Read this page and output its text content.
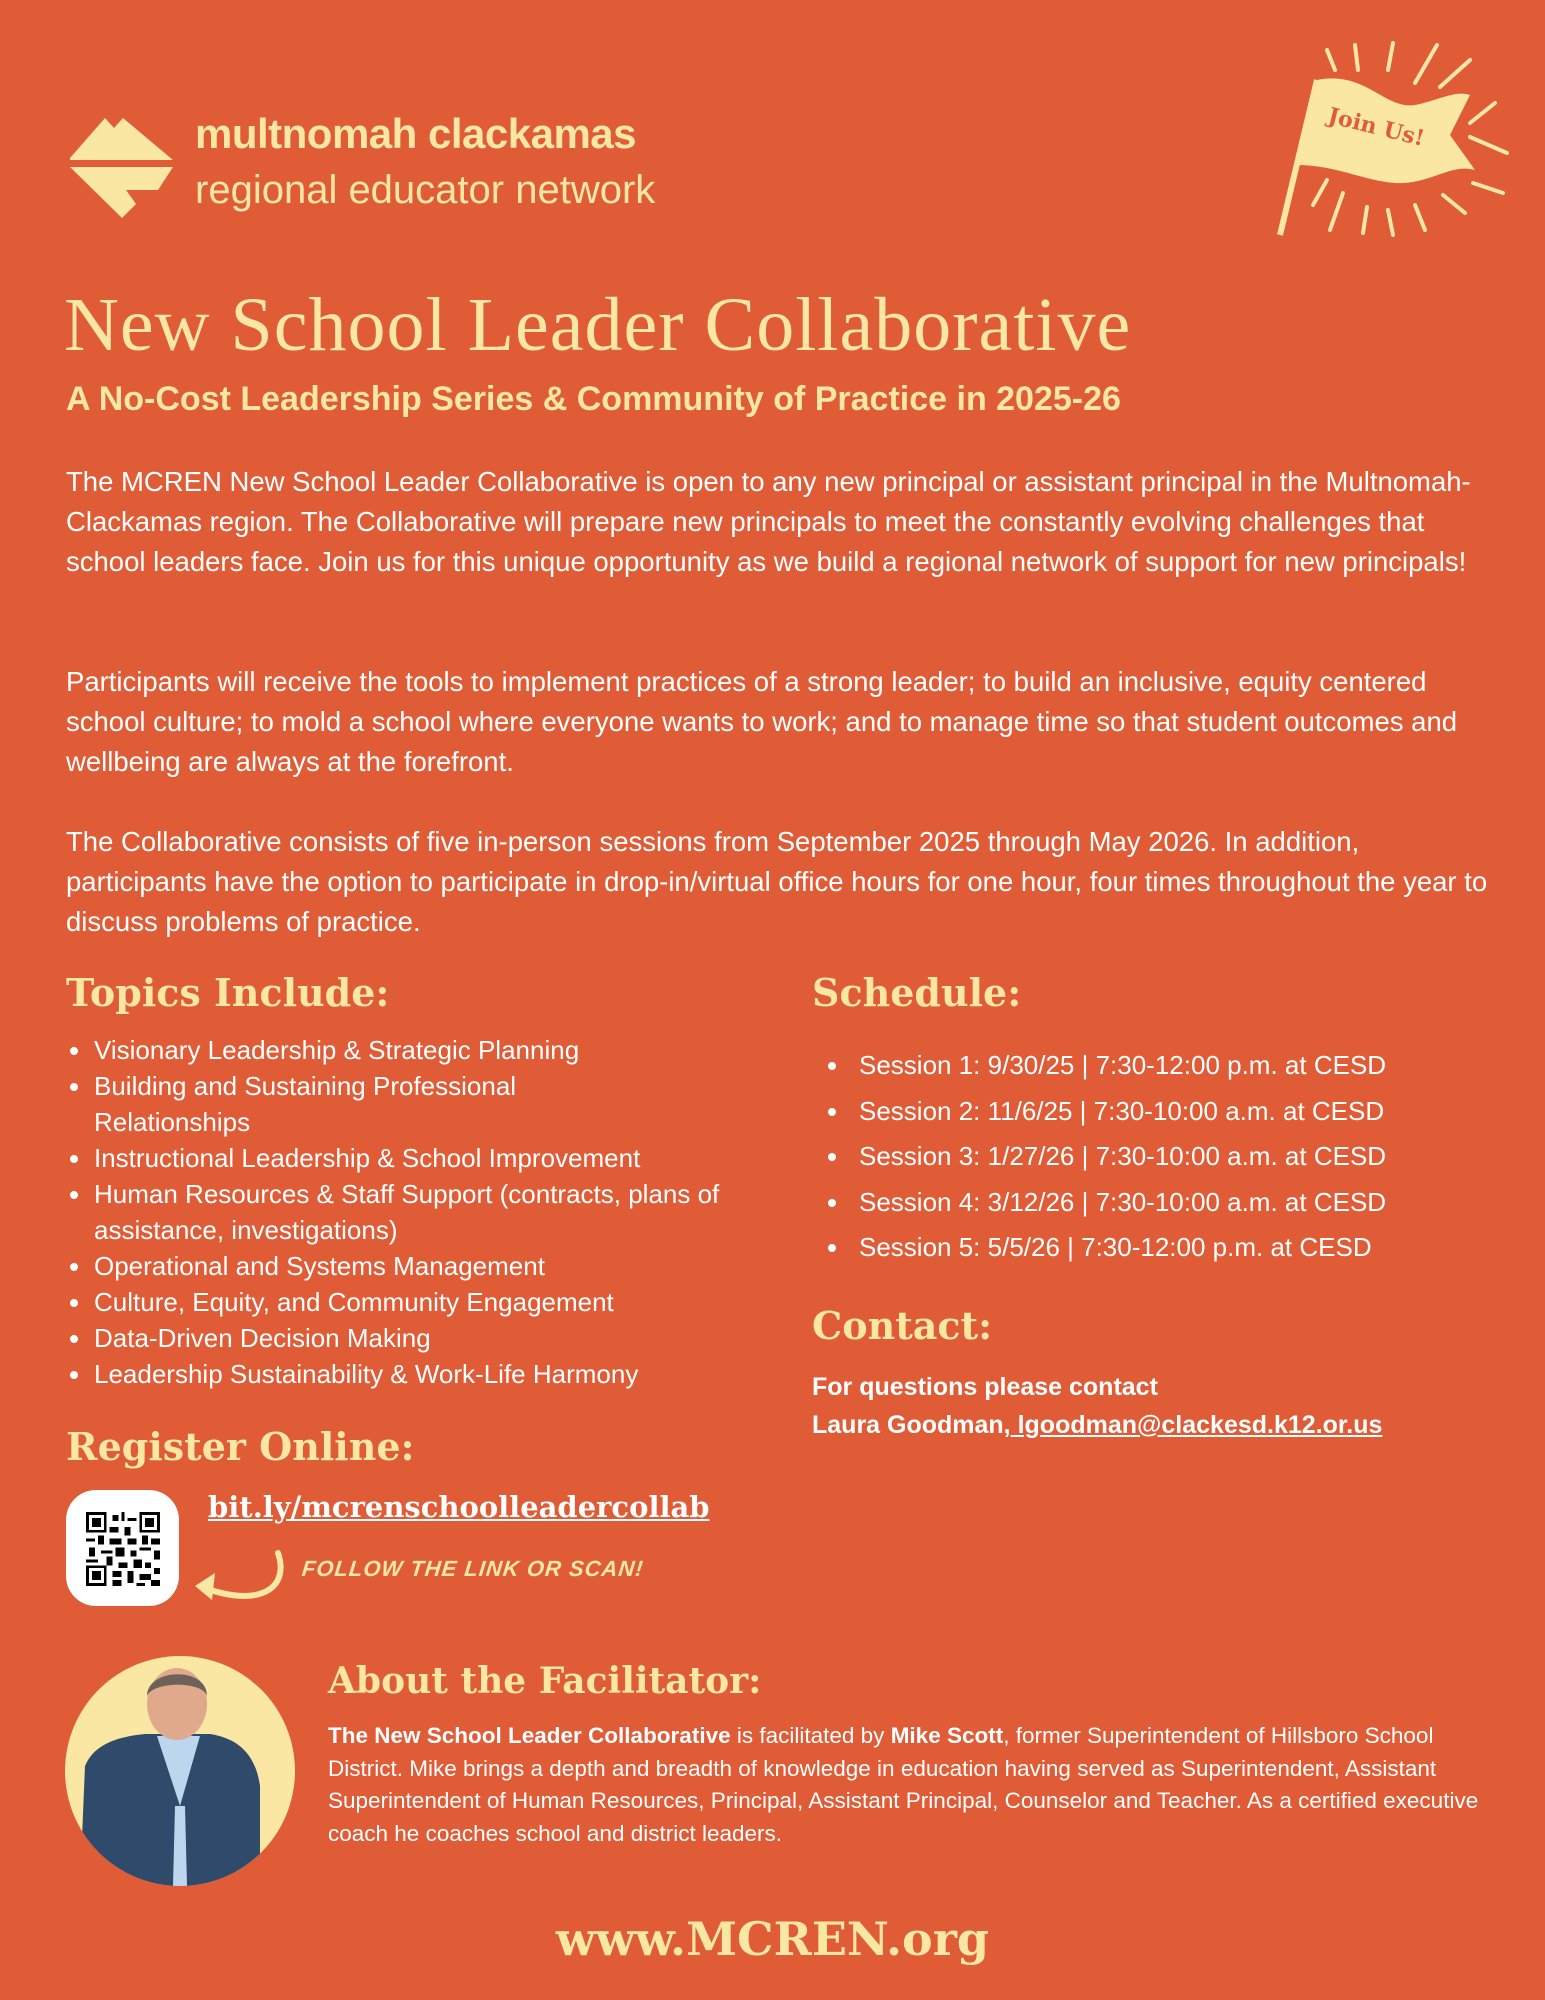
multnomah clackamas
regional educator network
Join Us!
New School Leader Collaborative
A No-Cost Leadership Series & Community of Practice in 2025-26
The MCREN New School Leader Collaborative is open to any new principal or assistant principal in the Multnomah-Clackamas region. The Collaborative will prepare new principals to meet the constantly evolving challenges that school leaders face. Join us for this unique opportunity as we build a regional network of support for new principals!
Participants will receive the tools to implement practices of a strong leader; to build an inclusive, equity centered school culture; to mold a school where everyone wants to work; and to manage time so that student outcomes and wellbeing are always at the forefront.
The Collaborative consists of five in-person sessions from September 2025 through May 2026. In addition, participants have the option to participate in drop-in/virtual office hours for one hour, four times throughout the year to discuss problems of practice.
Topics Include:
Visionary Leadership & Strategic Planning
Building and Sustaining Professional Relationships
Instructional Leadership & School Improvement
Human Resources & Staff Support (contracts, plans of assistance, investigations)
Operational and Systems Management
Culture, Equity, and Community Engagement
Data-Driven Decision Making
Leadership Sustainability & Work-Life Harmony
Schedule:
Session 1: 9/30/25 | 7:30-12:00 p.m. at CESD
Session 2: 11/6/25 | 7:30-10:00 a.m. at CESD
Session 3: 1/27/26 | 7:30-10:00 a.m. at CESD
Session 4: 3/12/26 | 7:30-10:00 a.m. at CESD
Session 5: 5/5/26 | 7:30-12:00 p.m. at CESD
Contact:
For questions please contact
Laura Goodman, lgoodman@clackesd.k12.or.us
Register Online:
bit.ly/mcrenschoolleadercollab
FOLLOW THE LINK OR SCAN!
About the Facilitator:
The New School Leader Collaborative is facilitated by Mike Scott, former Superintendent of Hillsboro School District. Mike brings a depth and breadth of knowledge in education having served as Superintendent, Assistant Superintendent of Human Resources, Principal, Assistant Principal, Counselor and Teacher. As a certified executive coach he coaches school and district leaders.
www.MCREN.org
